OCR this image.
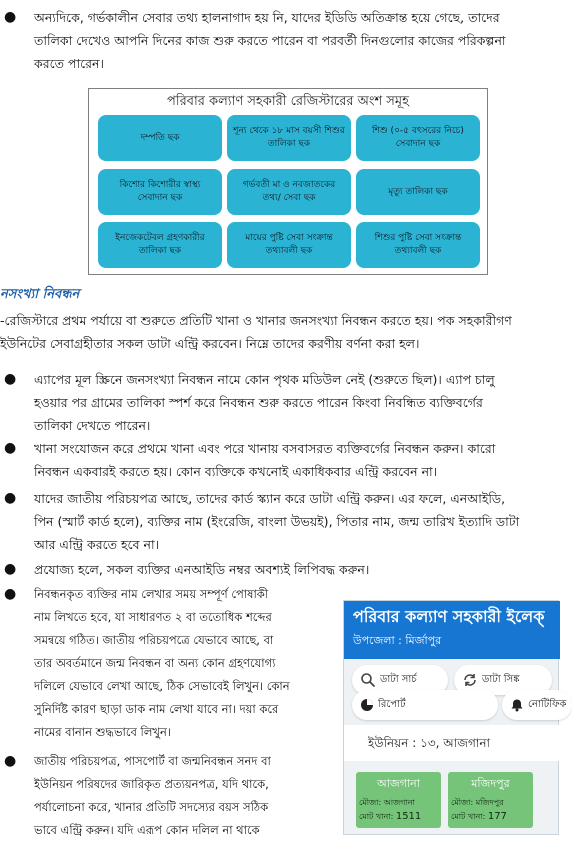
● অন্যদিকে, গর্ভকালীন সেবার তথ্য হালনাগাদ হয় নি, যাদের ইডিডি অতিক্রান্ত হয়ে গেছে, তাদের
তালিকা দেখেও আপনি দিনের কাজ শুরু করতে পারেন বা পরবর্তী দিনগুলোর কাজের পরিকল্পনা
করতে পারেন।
পরিবার কল্যাণ সহকারী রেজিস্টারের অংশ সমূহ
দম্পতি ছক
শূন্য থেকে ১৮ মাস বয়সী শিশুর তালিকা ছক
শিশু (০-৫ বৎসরের নিচে) সেবাদান ছক
কিশোর কিশোরীর স্বাস্থ্য সেবাদান ছক
গর্ভবতী মা ও নবজাতকের তথ্য/ সেবা ছক
মৃত্যু তালিকা ছক
ইনজেকটেবল গ্রহণকারীর তালিকা ছক
মায়ের পুষ্টি সেবা সংক্রান্ত তথ্যাবলী ছক
শিশুর পুষ্টি সেবা সংক্রান্ত তথ্যাবলী ছক
নসংখ্যা নিবন্ধন
-রেজিস্টারে প্রথম পর্যায়ে বা শুরুতে প্রতিটি খানা ও খানার জনসংখ্যা নিবন্ধন করতে হয়। পক সহকারীগণ
ইউনিটের সেবাগ্রহীতার সকল ডাটা এন্ট্রি করবেন। নিম্নে তাদের করণীয় বর্ণনা করা হল।
● এ্যাপের মূল স্ক্রিনে জনসংখ্যা নিবন্ধন নামে কোন পৃথক মডিউল নেই (শুরুতে ছিল)। এ্যাপ চালু
হওয়ার পর গ্রামের তালিকা স্পর্শ করে নিবন্ধন শুরু করতে পারেন কিংবা নিবন্ধিত ব্যক্তিবর্গের
তালিকা দেখতে পারেন।
● খানা সংযোজন করে প্রথমে খানা এবং পরে খানায় বসবাসরত ব্যক্তিবর্গের নিবন্ধন করুন। কারো
নিবন্ধন একবারই করতে হয়। কোন ব্যক্তিকে কখনোই একাধিকবার এন্ট্রি করবেন না।
● যাদের জাতীয় পরিচয়পত্র আছে, তাদের কার্ড স্ক্যান করে ডাটা এন্ট্রি করুন। এর ফলে, এনআইডি,
পিন (স্মার্ট কার্ড হলে), ব্যক্তির নাম (ইংরেজি, বাংলা উভয়ই), পিতার নাম, জন্ম তারিখ ইত্যাদি ডাটা
আর এন্ট্রি করতে হবে না।
● প্রযোজ্য হলে, সকল ব্যক্তির এনআইডি নম্বর অবশ্যই লিপিবদ্ধ করুন।
● নিবন্ধনকৃত ব্যক্তির নাম লেখার সময় সম্পূর্ণ পোষাকী
নাম লিখতে হবে, যা সাধারণত ২ বা ততোধিক শব্দের
সমন্বয়ে গঠিত। জাতীয় পরিচয়পত্রে যেভাবে আছে, বা
তার অবর্তমানে জন্ম নিবন্ধন বা অন্য কোন গ্রহণযোগ্য
দলিলে যেভাবে লেখা আছে, ঠিক সেভাবেই লিখুন। কোন
সুনির্দিষ্ট কারণ ছাড়া ডাক নাম লেখা যাবে না। দয়া করে
নামের বানান শুদ্ধভাবে লিখুন।
● জাতীয় পরিচয়পত্র, পাসপোর্ট বা জন্মনিবন্ধন সনদ বা
ইউনিয়ন পরিষদের জারিকৃত প্রত্যয়নপত্র, যদি থাকে,
পর্যালোচনা করে, খানার প্রতিটি সদস্যের বয়স সঠিক
ভাবে এন্ট্রি করুন। যদি এরূপ কোন দলিল না থাকে
পরিবার কল্যাণ সহকারী ইলেক্
উপজেলা : মির্জাপুর
ডাটা সার্চ	ডাটা সিঙ্ক
রিপোর্ট	নোটিফিক
ইউনিয়ন : ১৩, আজগানা
আজগানা
মৌজা: আজগানা
মোট খানা: 1511
মজিদপুর
মৌজা: মজিদপুর
মোট খানা: 177
